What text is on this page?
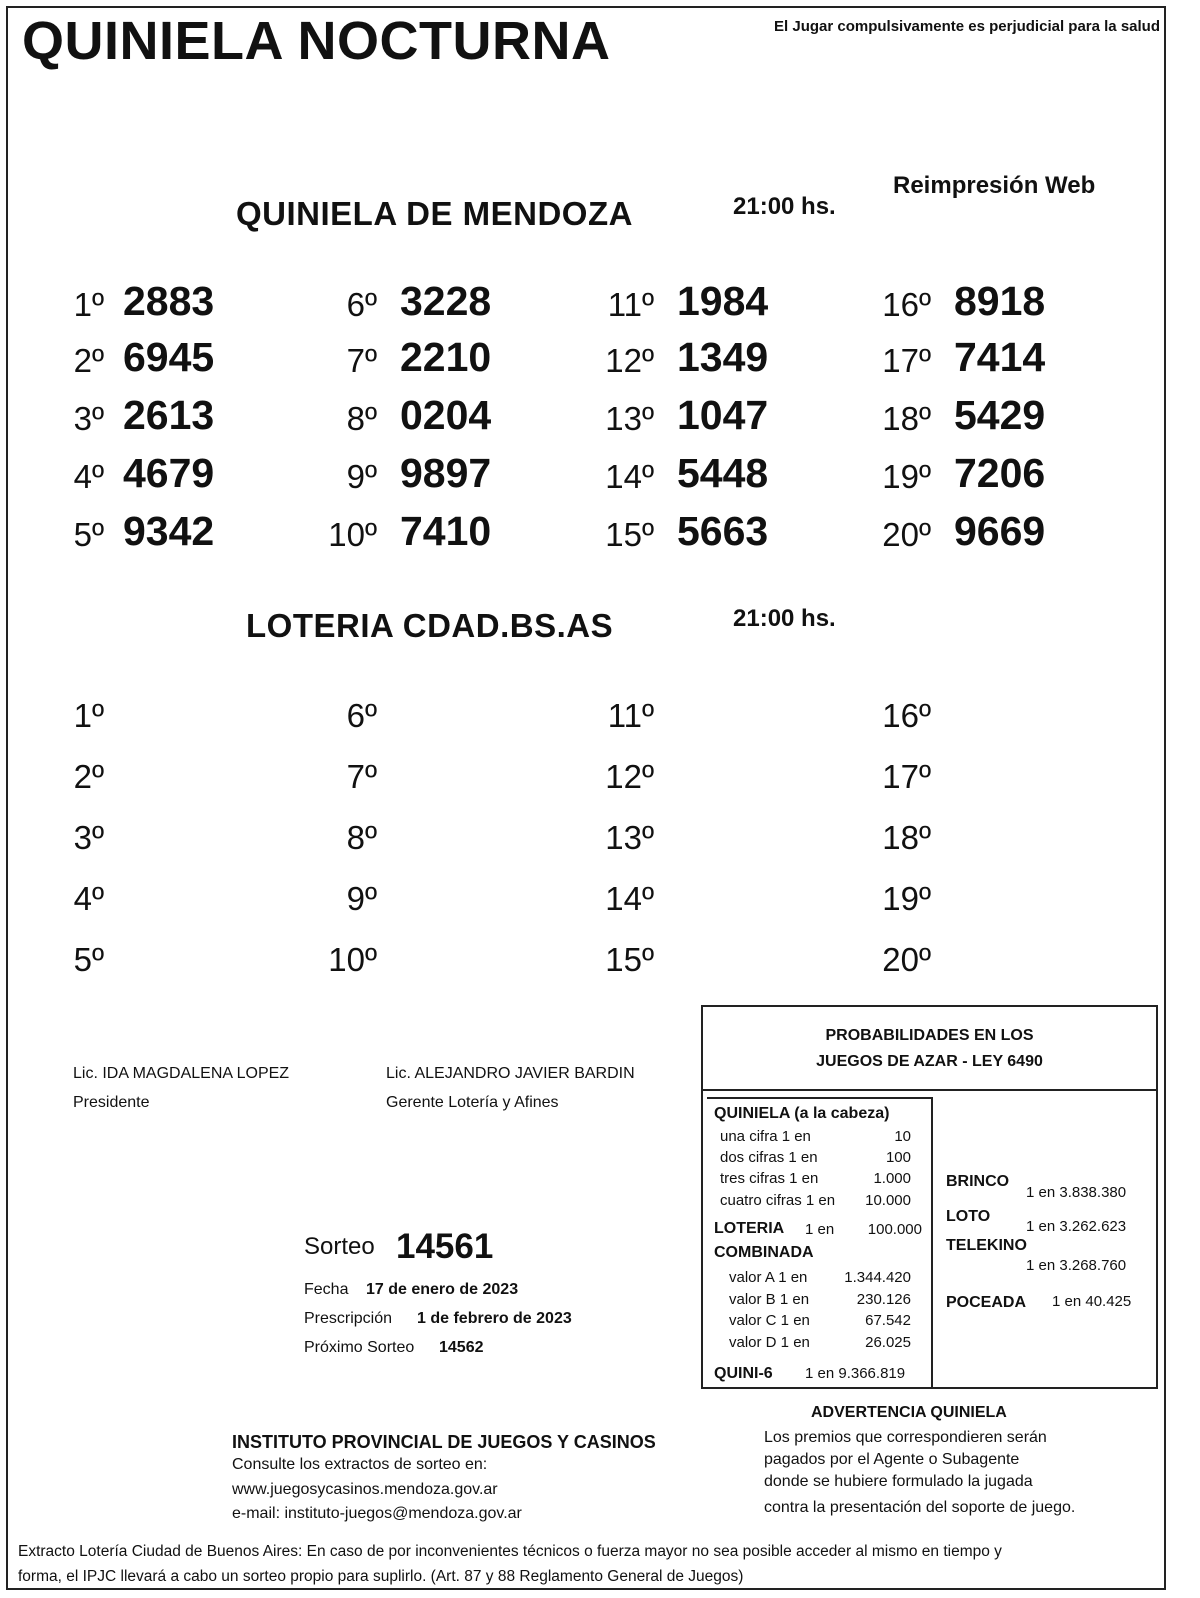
QUINIELA NOCTURNA	El Jugar compulsivamente es perjudicial para la salud
Reimpresión Web
QUINIELA DE MENDOZA	21:00 hs.
1º 2883
2º 6945
3º 2613
4º 4679
5º 9342
6º 3228
7º 2210
8º 0204
9º 9897
10º 7410
11º 1984
12º 1349
13º 1047
14º 5448
15º 5663
16º 8918
17º 7414
18º 5429
19º 7206
20º 9669
LOTERIA CDAD.BS.AS	21:00 hs.
1º
2º
3º
4º
5º
6º
7º
8º
9º
10º
11º
12º
13º
14º
15º
16º
17º
18º
19º
20º
Lic. IDA MAGDALENA LOPEZ
Presidente
Lic. ALEJANDRO JAVIER BARDIN
Gerente Lotería y Afines
Sorteo 14561
Fecha 17 de enero de 2023
Prescripción 1 de febrero de 2023
Próximo Sorteo 14562
PROBABILIDADES EN LOS
JUEGOS DE AZAR - LEY 6490
QUINIELA (a la cabeza)
una cifra 1 en	10
dos cifras 1 en	100
tres cifras 1 en	1.000
cuatro cifras 1 en 10.000
LOTERIA 1 en 100.000
COMBINADA
valor A 1 en 1.344.420
valor B 1 en	230.126
valor C 1 en	67.542
valor D 1 en	26.025
QUINI-6 1 en 9.366.819
BRINCO
1 en 3.838.380
LOTO
1 en 3.262.623
TELEKINO
1 en 3.268.760
POCEADA 1 en 40.425
INSTITUTO PROVINCIAL DE JUEGOS Y CASINOS
Consulte los extractos de sorteo en:
www.juegosycasinos.mendoza.gov.ar
e-mail: instituto-juegos@mendoza.gov.ar
ADVERTENCIA QUINIELA
Los premios que correspondieren serán
pagados por el Agente o Subagente
donde se hubiere formulado la jugada
contra la presentación del soporte de juego.
Extracto Lotería Ciudad de Buenos Aires: En caso de por inconvenientes técnicos o fuerza mayor no sea posible acceder al mismo en tiempo y
forma, el IPJC llevará a cabo un sorteo propio para suplirlo. (Art. 87 y 88 Reglamento General de Juegos)
